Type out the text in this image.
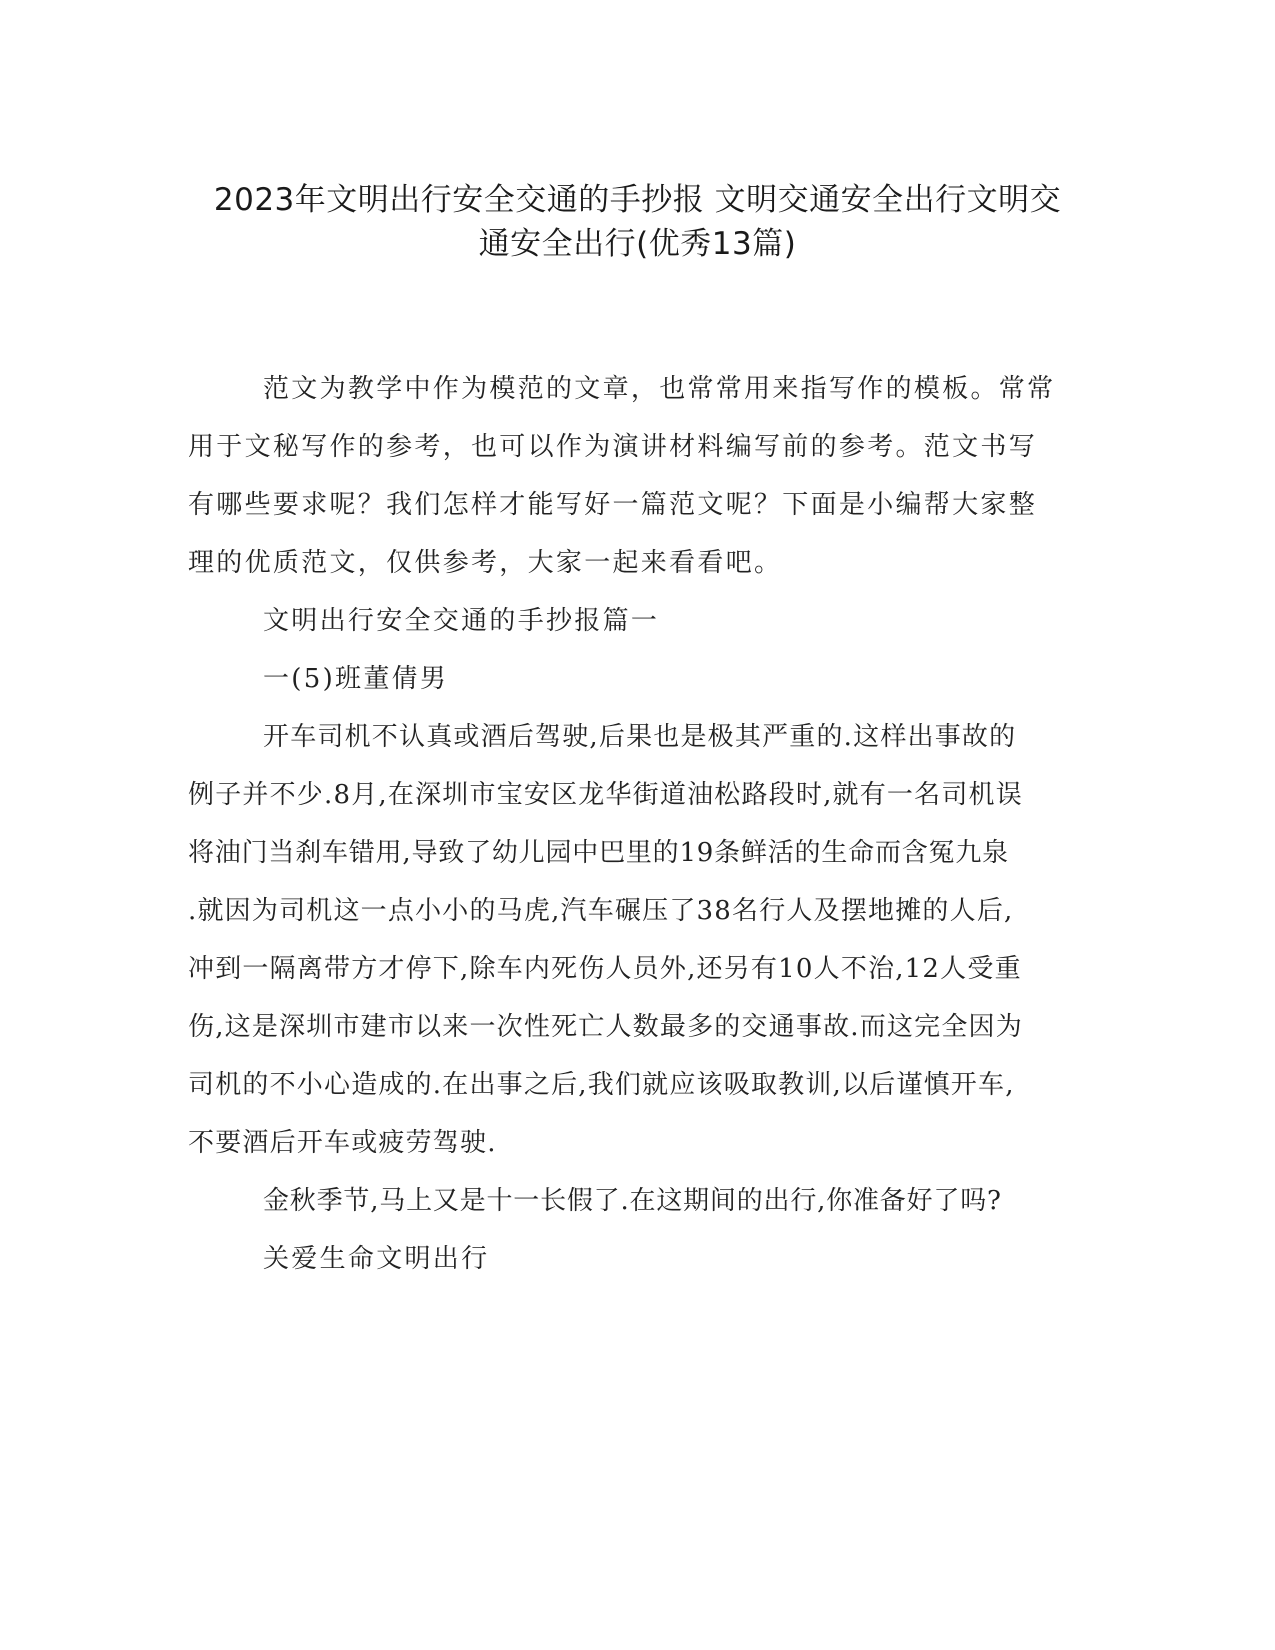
2023年文明出行安全交通的手抄报 文明交通安全出行文明交
通安全出行(优秀13篇)
范文为教学中作为模范的文章，也常常用来指写作的模板。常常
用于文秘写作的参考，也可以作为演讲材料编写前的参考。范文书写
有哪些要求呢？我们怎样才能写好一篇范文呢？下面是小编帮大家整
理的优质范文，仅供参考，大家一起来看看吧。
文明出行安全交通的手抄报篇一
一(5)班董倩男
开车司机不认真或酒后驾驶,后果也是极其严重的.这样出事故的
例子并不少.8月,在深圳市宝安区龙华街道油松路段时,就有一名司机误
将油门当刹车错用,导致了幼儿园中巴里的19条鲜活的生命而含冤九泉
.就因为司机这一点小小的马虎,汽车碾压了38名行人及摆地摊的人后,
冲到一隔离带方才停下,除车内死伤人员外,还另有10人不治,12人受重
伤,这是深圳市建市以来一次性死亡人数最多的交通事故.而这完全因为
司机的不小心造成的.在出事之后,我们就应该吸取教训,以后谨慎开车,
不要酒后开车或疲劳驾驶.
金秋季节,马上又是十一长假了.在这期间的出行,你准备好了吗?
关爱生命文明出行
